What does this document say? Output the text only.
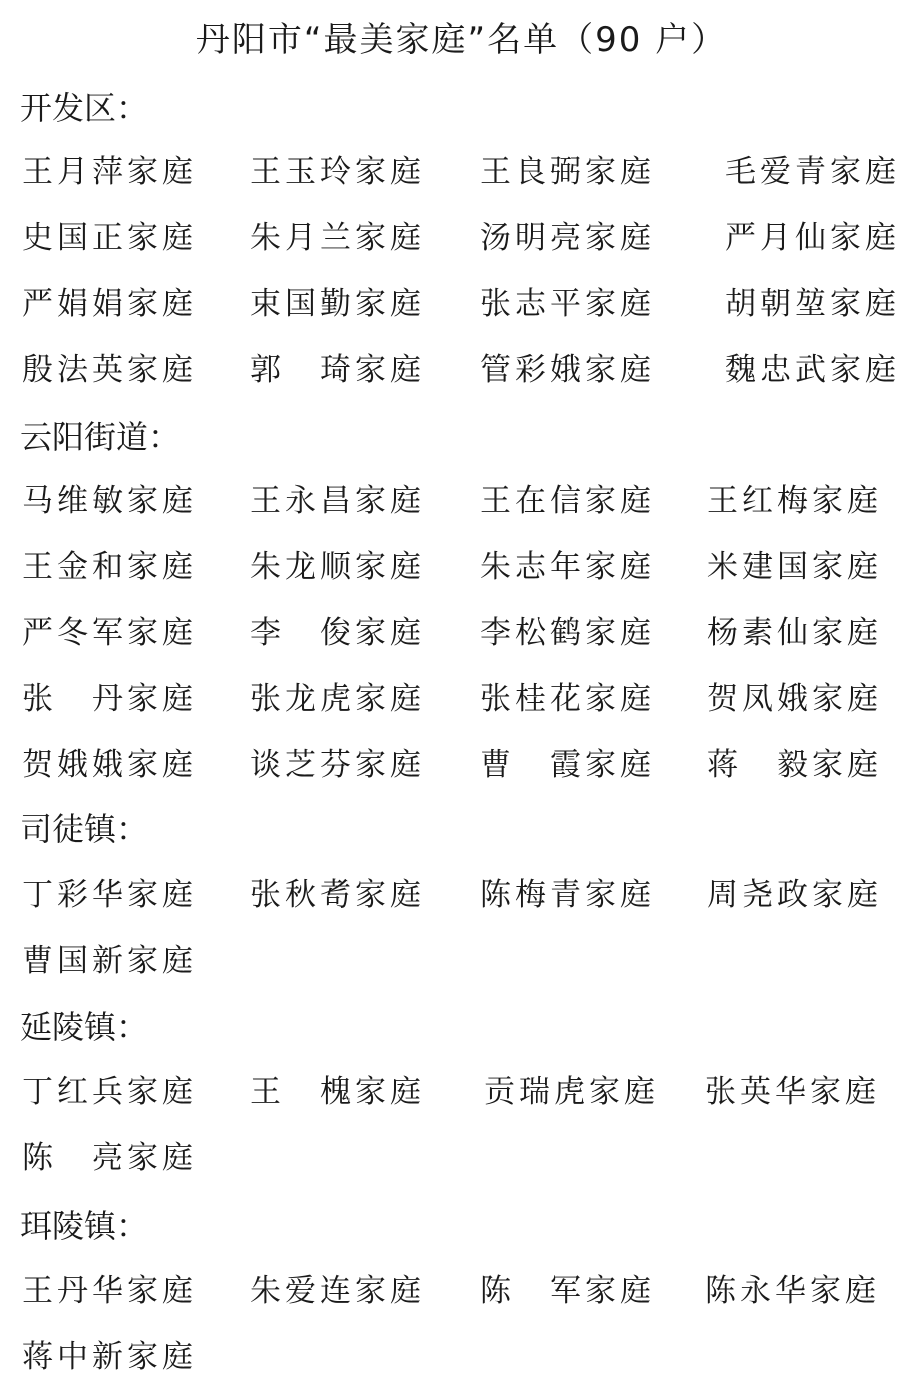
丹阳市“最美家庭”名单（90 户）
开发区：
王月萍家庭 王玉玲家庭 王良弼家庭 毛爱青家庭
史国正家庭 朱月兰家庭 汤明亮家庭 严月仙家庭
严娟娟家庭 束国勤家庭 张志平家庭 胡朝堃家庭
殷法英家庭 郭　琦家庭 管彩娥家庭 魏忠武家庭
云阳街道：
马维敏家庭 王永昌家庭 王在信家庭 王红梅家庭
王金和家庭 朱龙顺家庭 朱志年家庭 米建国家庭
严冬军家庭 李　俊家庭 李松鹤家庭 杨素仙家庭
张　丹家庭 张龙虎家庭 张桂花家庭 贺凤娥家庭
贺娥娥家庭 谈芝芬家庭 曹　霞家庭 蒋　毅家庭
司徒镇：
丁彩华家庭 张秋耉家庭 陈梅青家庭 周尧政家庭
曹国新家庭
延陵镇：
丁红兵家庭 王　槐家庭 贡瑞虎家庭 张英华家庭
陈　亮家庭
珥陵镇：
王丹华家庭 朱爱连家庭 陈　军家庭 陈永华家庭
蒋中新家庭
